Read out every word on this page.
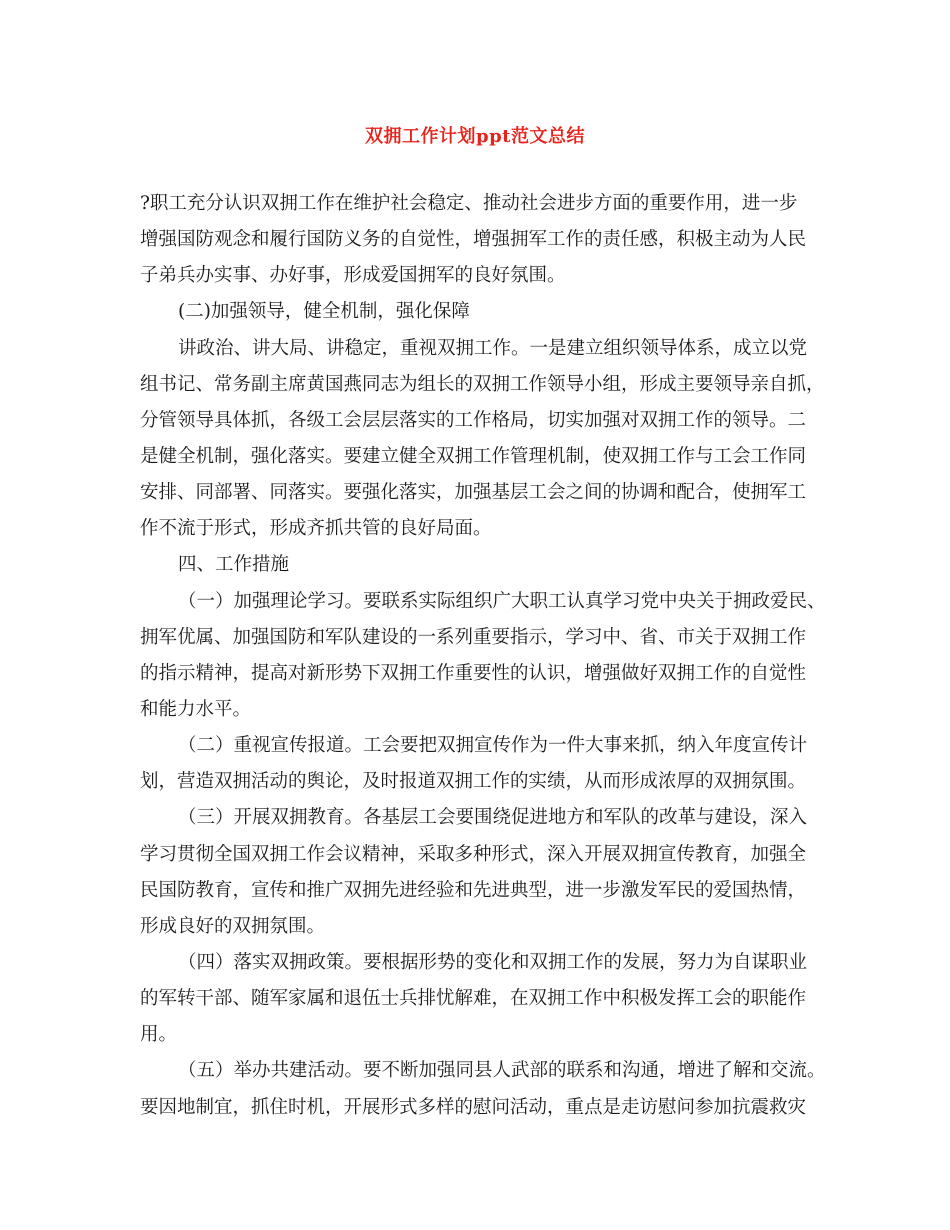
双拥工作计划ppt范文总结
?职工充分认识双拥工作在维护社会稳定、推动社会进步方面的重要作用，进一步
增强国防观念和履行国防义务的自觉性，增强拥军工作的责任感，积极主动为人民
子弟兵办实事、办好事，形成爱国拥军的良好氛围。
(二)加强领导，健全机制，强化保障
讲政治、讲大局、讲稳定，重视双拥工作。一是建立组织领导体系，成立以党
组书记、常务副主席黄国燕同志为组长的双拥工作领导小组，形成主要领导亲自抓，
分管领导具体抓，各级工会层层落实的工作格局，切实加强对双拥工作的领导。二
是健全机制，强化落实。要建立健全双拥工作管理机制，使双拥工作与工会工作同
安排、同部署、同落实。要强化落实，加强基层工会之间的协调和配合，使拥军工
作不流于形式，形成齐抓共管的良好局面。
四、工作措施
（一）加强理论学习。要联系实际组织广大职工认真学习党中央关于拥政爱民、
拥军优属、加强国防和军队建设的一系列重要指示，学习中、省、市关于双拥工作
的指示精神，提高对新形势下双拥工作重要性的认识，增强做好双拥工作的自觉性
和能力水平。
（二）重视宣传报道。工会要把双拥宣传作为一件大事来抓，纳入年度宣传计
划，营造双拥活动的舆论，及时报道双拥工作的实绩，从而形成浓厚的双拥氛围。
（三）开展双拥教育。各基层工会要围绕促进地方和军队的改革与建设，深入
学习贯彻全国双拥工作会议精神，采取多种形式，深入开展双拥宣传教育，加强全
民国防教育，宣传和推广双拥先进经验和先进典型，进一步激发军民的爱国热情，
形成良好的双拥氛围。
（四）落实双拥政策。要根据形势的变化和双拥工作的发展，努力为自谋职业
的军转干部、随军家属和退伍士兵排忧解难，在双拥工作中积极发挥工会的职能作
用。
（五）举办共建活动。要不断加强同县人武部的联系和沟通，增进了解和交流。
要因地制宜，抓住时机，开展形式多样的慰问活动，重点是走访慰问参加抗震救灾
